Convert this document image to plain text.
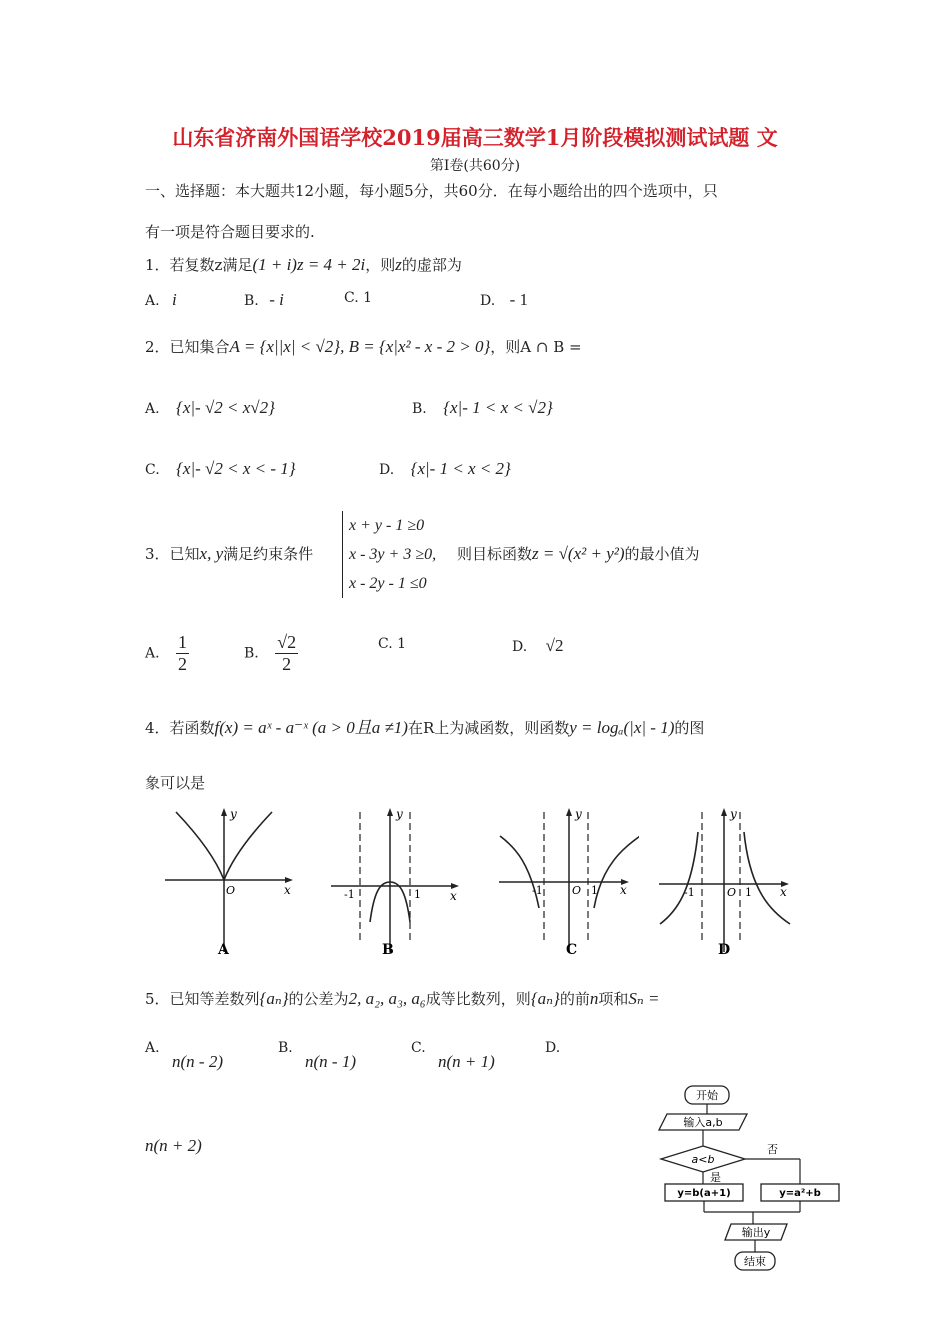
山东省济南外国语学校2019届高三数学1月阶段模拟测试试题 文
第Ⅰ卷(共60分)
一、选择题：本大题共12小题，每小题5分，共60分．在每小题给出的四个选项中，只
有一项是符合题目要求的.
1．若复数z满足(1 + i)z = 4 + 2i，则z的虚部为
A. i	B. - i	C. 1	D. - 1
2．已知集合A = {x||x| < √2}, B = {x|x² - x - 2 > 0}，则A ∩ B =
A. {x|- √2 < x√2}	B. {x|- 1 < x < √2}
C. {x|- √2 < x < - 1}	D. {x|- 1 < x < 2}
3．已知x, y满足约束条件
x + y - 1 ≥0
x - 3y + 3 ≥0,
x - 2y - 1 ≤0
则目标函数z = √(x² + y²)的最小值为
A. $\frac{1}{2}$	B. $\frac{√2}{2}$	C. 1	D. √2
4．若函数f(x) = aˣ - a⁻ˣ (a > 0且a ≠1)在R上为减函数，则函数y = logₐ(|x| - 1)的图
象可以是
y
x
O
A
y
x
-1	1
B
y
x
-1	O 1
C
y
x
-1	O 1
D
5．已知等差数列{aₙ}的公差为2, a₂, a₃, a₆成等比数列，则{aₙ}的前n项和Sₙ =
A.
n(n - 2)
B.
n(n - 1)
C.
n(n + 1)
D.
n(n + 2)
开始
输入a,b
a<b
否
是
y=b(a+1)	y=a²+b
输出y
结束
